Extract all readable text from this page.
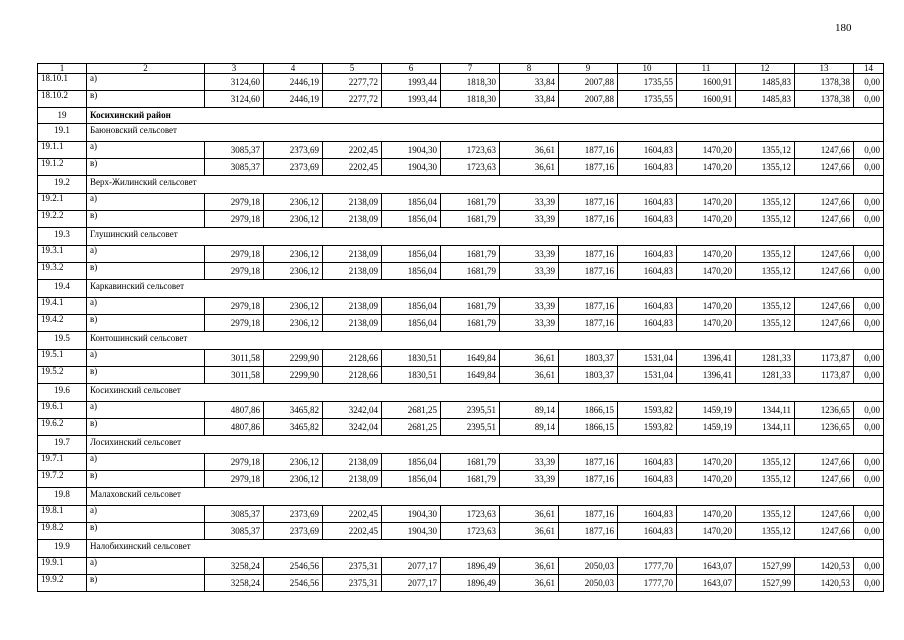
180
1	2	3	4	5	6	7	8	9	10	11	12	13	14
18.10.1	а)	3124,60	2446,19	2277,72	1993,44	1818,30	33,84	2007,88	1735,55	1600,91	1485,83	1378,38	0,00
18.10.2	в)	3124,60	2446,19	2277,72	1993,44	1818,30	33,84	2007,88	1735,55	1600,91	1485,83	1378,38	0,00
19	Косихинский район												
19.1	Баюновский сельсовет												
19.1.1	а)	3085,37	2373,69	2202,45	1904,30	1723,63	36,61	1877,16	1604,83	1470,20	1355,12	1247,66	0,00
19.1.2	в)	3085,37	2373,69	2202,45	1904,30	1723,63	36,61	1877,16	1604,83	1470,20	1355,12	1247,66	0,00
19.2	Верх-Жилинский сельсовет												
19.2.1	а)	2979,18	2306,12	2138,09	1856,04	1681,79	33,39	1877,16	1604,83	1470,20	1355,12	1247,66	0,00
19.2.2	в)	2979,18	2306,12	2138,09	1856,04	1681,79	33,39	1877,16	1604,83	1470,20	1355,12	1247,66	0,00
19.3	Глушинский сельсовет												
19.3.1	а)	2979,18	2306,12	2138,09	1856,04	1681,79	33,39	1877,16	1604,83	1470,20	1355,12	1247,66	0,00
19.3.2	в)	2979,18	2306,12	2138,09	1856,04	1681,79	33,39	1877,16	1604,83	1470,20	1355,12	1247,66	0,00
19.4	Каркавинский сельсовет												
19.4.1	а)	2979,18	2306,12	2138,09	1856,04	1681,79	33,39	1877,16	1604,83	1470,20	1355,12	1247,66	0,00
19.4.2	в)	2979,18	2306,12	2138,09	1856,04	1681,79	33,39	1877,16	1604,83	1470,20	1355,12	1247,66	0,00
19.5	Контошинский сельсовет												
19.5.1	а)	3011,58	2299,90	2128,66	1830,51	1649,84	36,61	1803,37	1531,04	1396,41	1281,33	1173,87	0,00
19.5.2	в)	3011,58	2299,90	2128,66	1830,51	1649,84	36,61	1803,37	1531,04	1396,41	1281,33	1173,87	0,00
19.6	Косихинский сельсовет												
19.6.1	а)	4807,86	3465,82	3242,04	2681,25	2395,51	89,14	1866,15	1593,82	1459,19	1344,11	1236,65	0,00
19.6.2	в)	4807,86	3465,82	3242,04	2681,25	2395,51	89,14	1866,15	1593,82	1459,19	1344,11	1236,65	0,00
19.7	Лосихинский сельсовет												
19.7.1	а)	2979,18	2306,12	2138,09	1856,04	1681,79	33,39	1877,16	1604,83	1470,20	1355,12	1247,66	0,00
19.7.2	в)	2979,18	2306,12	2138,09	1856,04	1681,79	33,39	1877,16	1604,83	1470,20	1355,12	1247,66	0,00
19.8	Малаховский сельсовет												
19.8.1	а)	3085,37	2373,69	2202,45	1904,30	1723,63	36,61	1877,16	1604,83	1470,20	1355,12	1247,66	0,00
19.8.2	в)	3085,37	2373,69	2202,45	1904,30	1723,63	36,61	1877,16	1604,83	1470,20	1355,12	1247,66	0,00
19.9	Налобихинский сельсовет												
19.9.1	а)	3258,24	2546,56	2375,31	2077,17	1896,49	36,61	2050,03	1777,70	1643,07	1527,99	1420,53	0,00
19.9.2	в)	3258,24	2546,56	2375,31	2077,17	1896,49	36,61	2050,03	1777,70	1643,07	1527,99	1420,53	0,00
